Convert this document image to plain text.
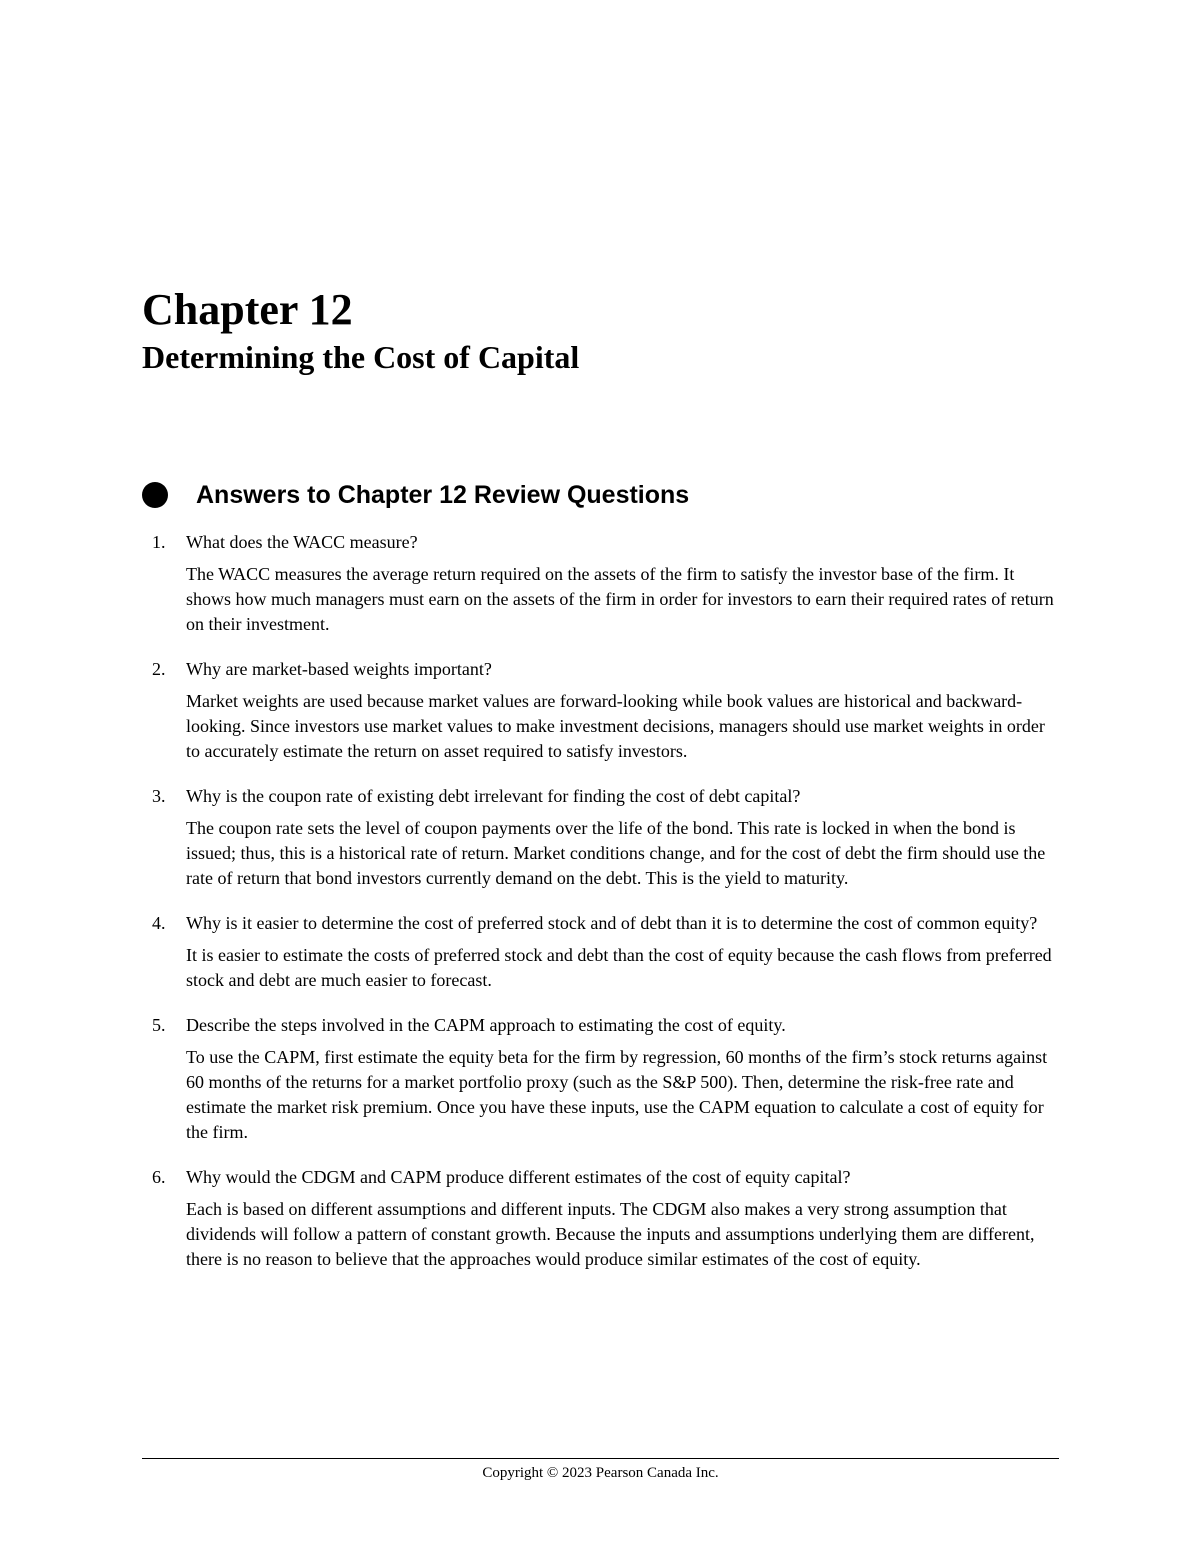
Chapter 12
Determining the Cost of Capital
Answers to Chapter 12 Review Questions
1. What does the WACC measure?

The WACC measures the average return required on the assets of the firm to satisfy the investor base of the firm. It shows how much managers must earn on the assets of the firm in order for investors to earn their required rates of return on their investment.

2. Why are market-based weights important?

Market weights are used because market values are forward-looking while book values are historical and backward-looking. Since investors use market values to make investment decisions, managers should use market weights in order to accurately estimate the return on asset required to satisfy investors.

3. Why is the coupon rate of existing debt irrelevant for finding the cost of debt capital?

The coupon rate sets the level of coupon payments over the life of the bond. This rate is locked in when the bond is issued; thus, this is a historical rate of return. Market conditions change, and for the cost of debt the firm should use the rate of return that bond investors currently demand on the debt. This is the yield to maturity.

4. Why is it easier to determine the cost of preferred stock and of debt than it is to determine the cost of common equity?

It is easier to estimate the costs of preferred stock and debt than the cost of equity because the cash flows from preferred stock and debt are much easier to forecast.

5. Describe the steps involved in the CAPM approach to estimating the cost of equity.

To use the CAPM, first estimate the equity beta for the firm by regression, 60 months of the firm’s stock returns against 60 months of the returns for a market portfolio proxy (such as the S&P 500). Then, determine the risk-free rate and estimate the market risk premium. Once you have these inputs, use the CAPM equation to calculate a cost of equity for the firm.

6. Why would the CDGM and CAPM produce different estimates of the cost of equity capital?

Each is based on different assumptions and different inputs. The CDGM also makes a very strong assumption that dividends will follow a pattern of constant growth. Because the inputs and assumptions underlying them are different, there is no reason to believe that the approaches would produce similar estimates of the cost of equity.

Copyright © 2023 Pearson Canada Inc.
